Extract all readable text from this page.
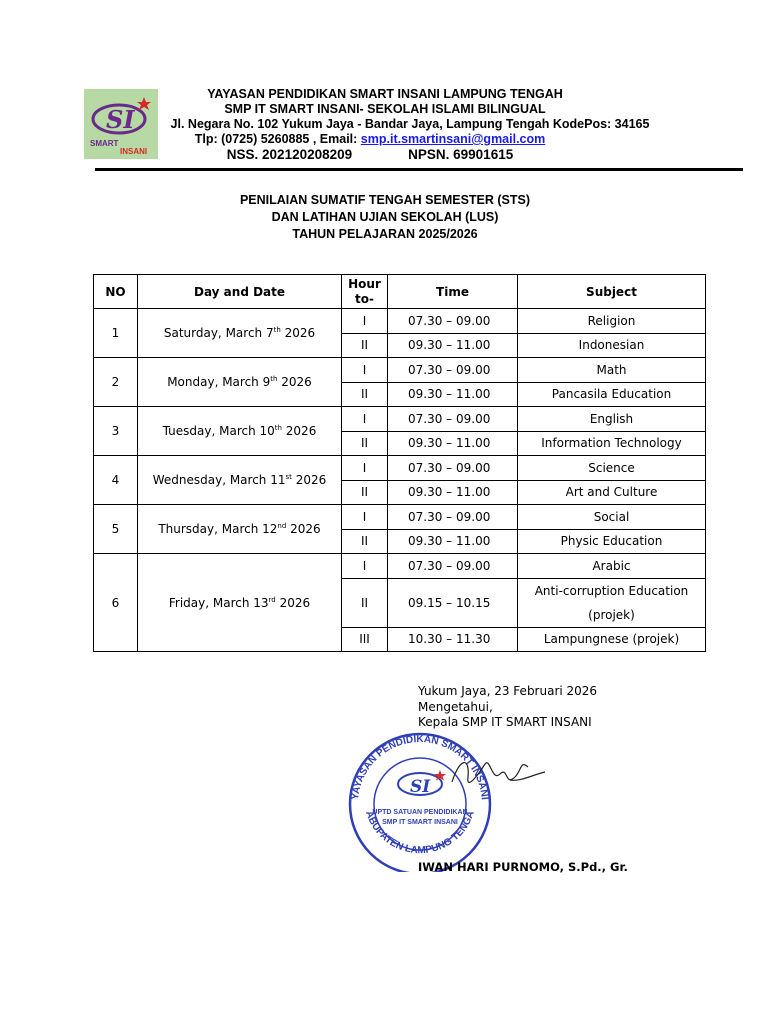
SI
SMART
INSANI
YAYASAN PENDIDIKAN SMART INSANI LAMPUNG TENGAH
SMP IT SMART INSANI- SEKOLAH ISLAMI BILINGUAL
Jl. Negara No. 102 Yukum Jaya - Bandar Jaya, Lampung Tengah KodePos: 34165
Tlp: (0725) 5260885 , Email: smp.it.smartinsani@gmail.com
NSS. 202120208209	NPSN. 69901615
PENILAIAN SUMATIF TENGAH SEMESTER (STS)
DAN LATIHAN UJIAN SEKOLAH (LUS)
TAHUN PELAJARAN 2025/2026
NO	Day and Date	Hour to-	Time	Subject
1	Saturday, March 7th 2026	I	07.30 – 09.00	Religion
		II	09.30 – 11.00	Indonesian
2	Monday, March 9th 2026	I	07.30 – 09.00	Math
		II	09.30 – 11.00	Pancasila Education
3	Tuesday, March 10th 2026	I	07.30 – 09.00	English
		II	09.30 – 11.00	Information Technology
4	Wednesday, March 11st 2026	I	07.30 – 09.00	Science
		II	09.30 – 11.00	Art and Culture
5	Thursday, March 12nd 2026	I	07.30 – 09.00	Social
		II	09.30 – 11.00	Physic Education
6	Friday, March 13rd 2026	I	07.30 – 09.00	Arabic
		II	09.15 – 10.15	Anti-corruption Education (projek)
		III	10.30 – 11.30	Lampungnese (projek)
Yukum Jaya, 23 Februari 2026
Mengetahui,
Kepala SMP IT SMART INSANI
YAYASAN PENDIDIKAN SMART INSANI
ABUPATEN LAMPUNG TENGA
SI
UPTD SATUAN PENDIDIKAN
SMP IT SMART INSANI
IWAN HARI PURNOMO, S.Pd., Gr.
